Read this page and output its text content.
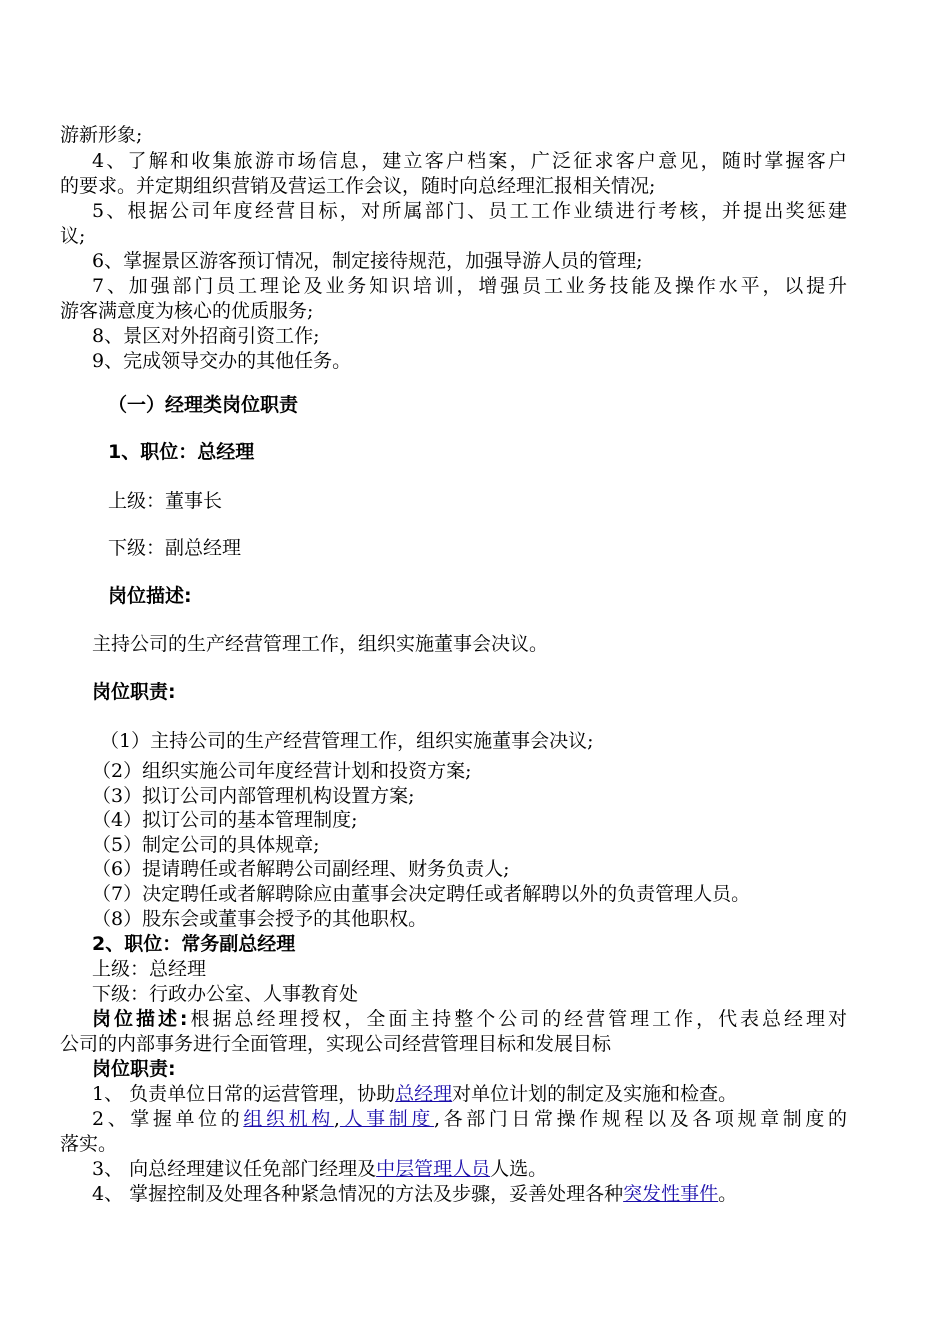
游新形象;
4、了解和收集旅游市场信息，建立客户档案，广泛征求客户意见，随时掌握客户
的要求。并定期组织营销及营运工作会议，随时向总经理汇报相关情况;
5、根据公司年度经营目标，对所属部门、员工工作业绩进行考核，并提出奖惩建
议;
6、掌握景区游客预订情况，制定接待规范，加强导游人员的管理;
7、加强部门员工理论及业务知识培训，增强员工业务技能及操作水平，以提升
游客满意度为核心的优质服务;
8、景区对外招商引资工作;
9、完成领导交办的其他任务。
（一）经理类岗位职责
1、职位：总经理
上级：董事长
下级：副总经理
岗位描述:
主持公司的生产经营管理工作，组织实施董事会决议。
岗位职责:
（1）主持公司的生产经营管理工作，组织实施董事会决议;
（2）组织实施公司年度经营计划和投资方案;
（3）拟订公司内部管理机构设置方案;
（4）拟订公司的基本管理制度;
（5）制定公司的具体规章;
（6）提请聘任或者解聘公司副经理、财务负责人;
（7）决定聘任或者解聘除应由董事会决定聘任或者解聘以外的负责管理人员。
（8）股东会或董事会授予的其他职权。
2、职位：常务副总经理
上级：总经理
下级：行政办公室、人事教育处
岗位描述:根据总经理授权，全面主持整个公司的经营管理工作，代表总经理对
公司的内部事务进行全面管理，实现公司经营管理目标和发展目标
岗位职责:
1、 负责单位日常的运营管理，协助总经理对单位计划的制定及实施和检查。
2、掌握单位的组织机构,人事制度,各部门日常操作规程以及各项规章制度的
落实。
3、 向总经理建议任免部门经理及中层管理人员人选。
4、 掌握控制及处理各种紧急情况的方法及步骤，妥善处理各种突发性事件。
